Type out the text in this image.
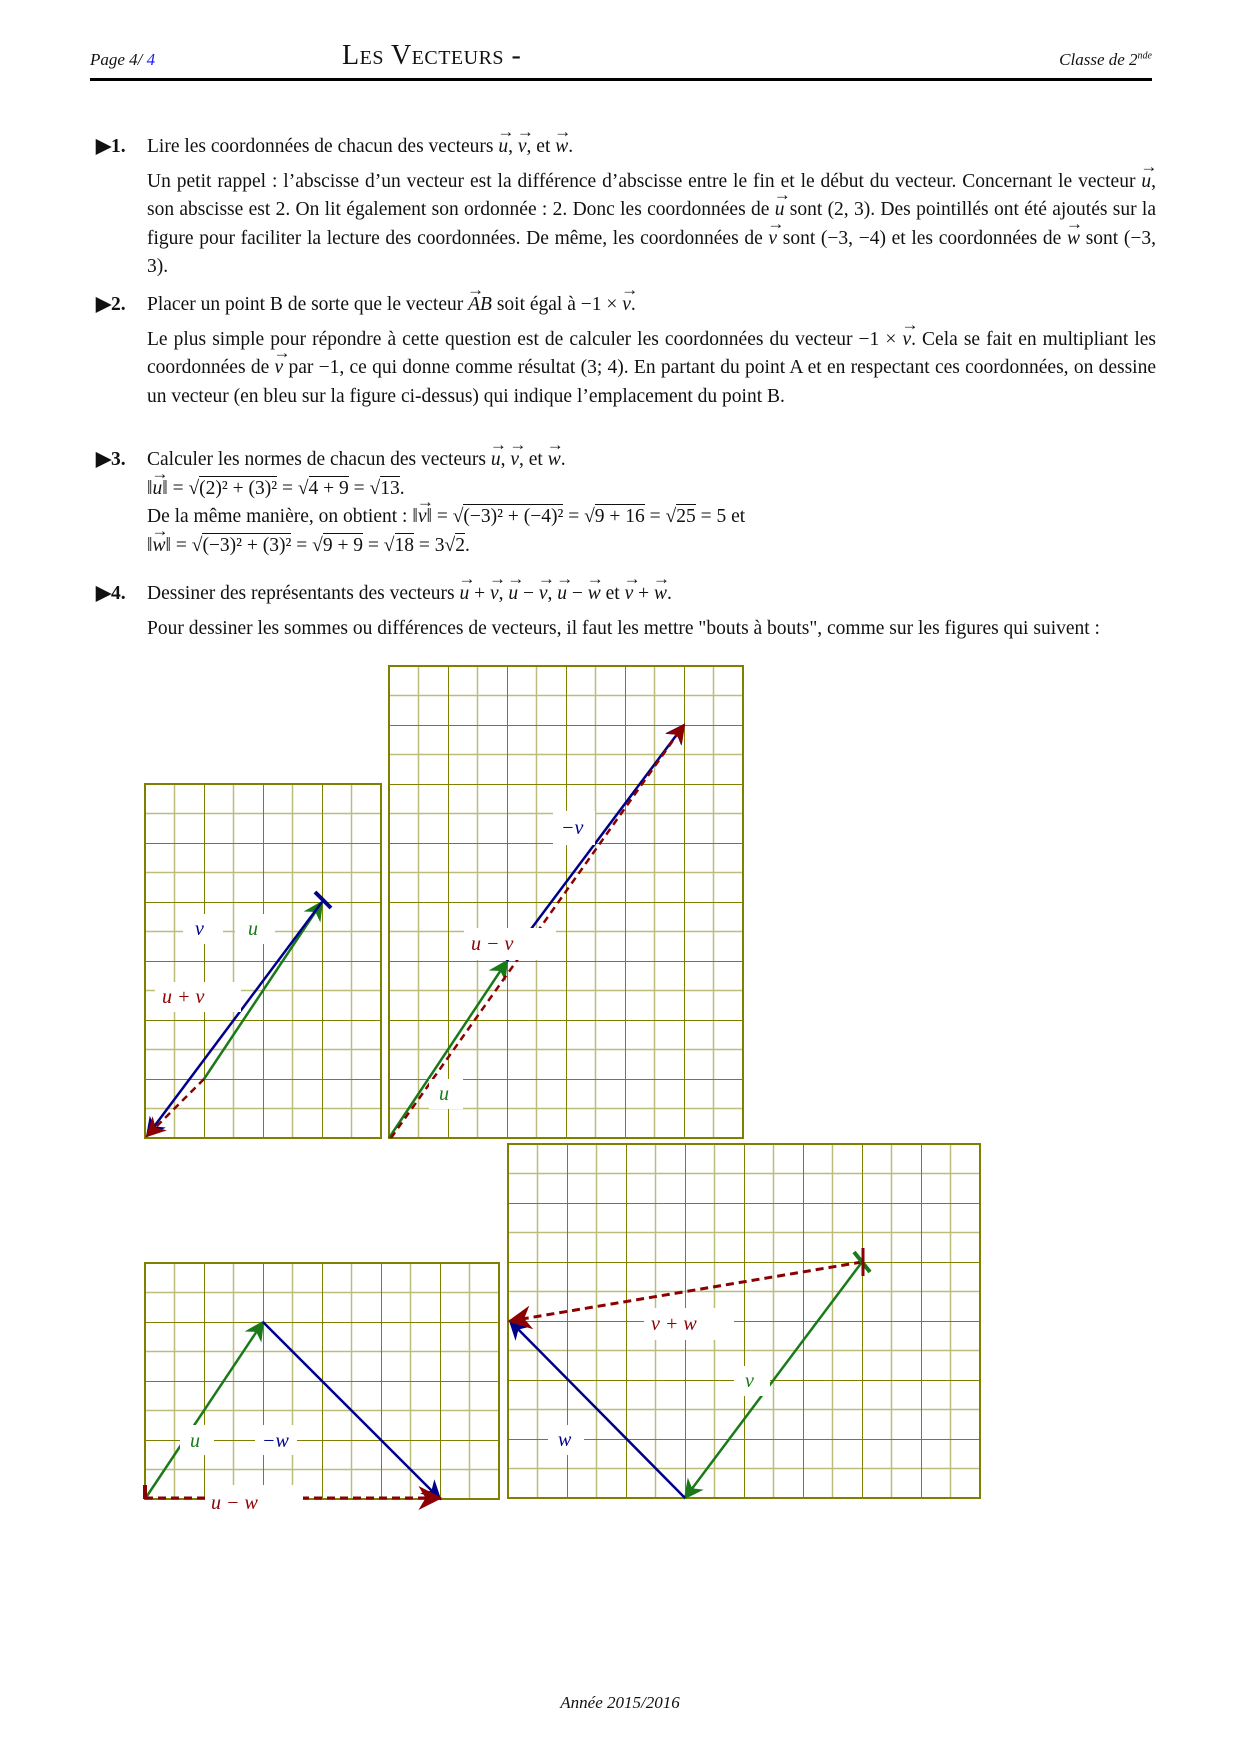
Page 4/ 4	Les Vecteurs -	Classe de 2nde
▶1. Lire les coordonnées de chacun des vecteurs → u, → v, et → w.

Un petit rappel : l’abscisse d’un vecteur est la différence d’abscisse entre le fin et le début du vecteur. Concernant le vecteur → u, son abscisse est 2. On lit également son ordonnée : 2. Donc les coordonnées de → u sont (2, 3). Des pointillés ont été ajoutés sur la figure pour faciliter la lecture des coordonnées. De même, les coordonnées de → v sont (−3, −4) et les coordonnées de → w sont (−3, 3).

▶2. Placer un point B de sorte que le vecteur → AB soit égal à −1 × → v.

Le plus simple pour répondre à cette question est de calculer les coordonnées du vecteur −1 × → v. Cela se fait en multipliant les coordonnées de → v par −1, ce qui donne comme résultat (3; 4). En partant du point A et en respectant ces coordonnées, on dessine un vecteur (en bleu sur la figure ci-dessus) qui indique l’emplacement du point B.

▶3. Calculer les normes de chacun des vecteurs → u, → v, et → w.

‖→ u‖ = √(2)² + (3)² = √4 + 9 = √13.

De la même manière, on obtient : ‖→ v‖ = √(−3)² + (−4)² = √9 + 16 = √25 = 5 et

‖→ w‖ = √(−3)² + (3)² = √9 + 9 = √18 = 3√2.

▶4. Dessiner des représentants des vecteurs → u + → v, → u − → v, → u − → w et → v + → w.

Pour dessiner les sommes ou différences de vecteurs, il faut les mettre "bouts à bouts", comme sur les figures qui suivent :

v u
u + v
−v
u − v
u
u	−w
u − w
v + w
v
w
Année 2015/2016
